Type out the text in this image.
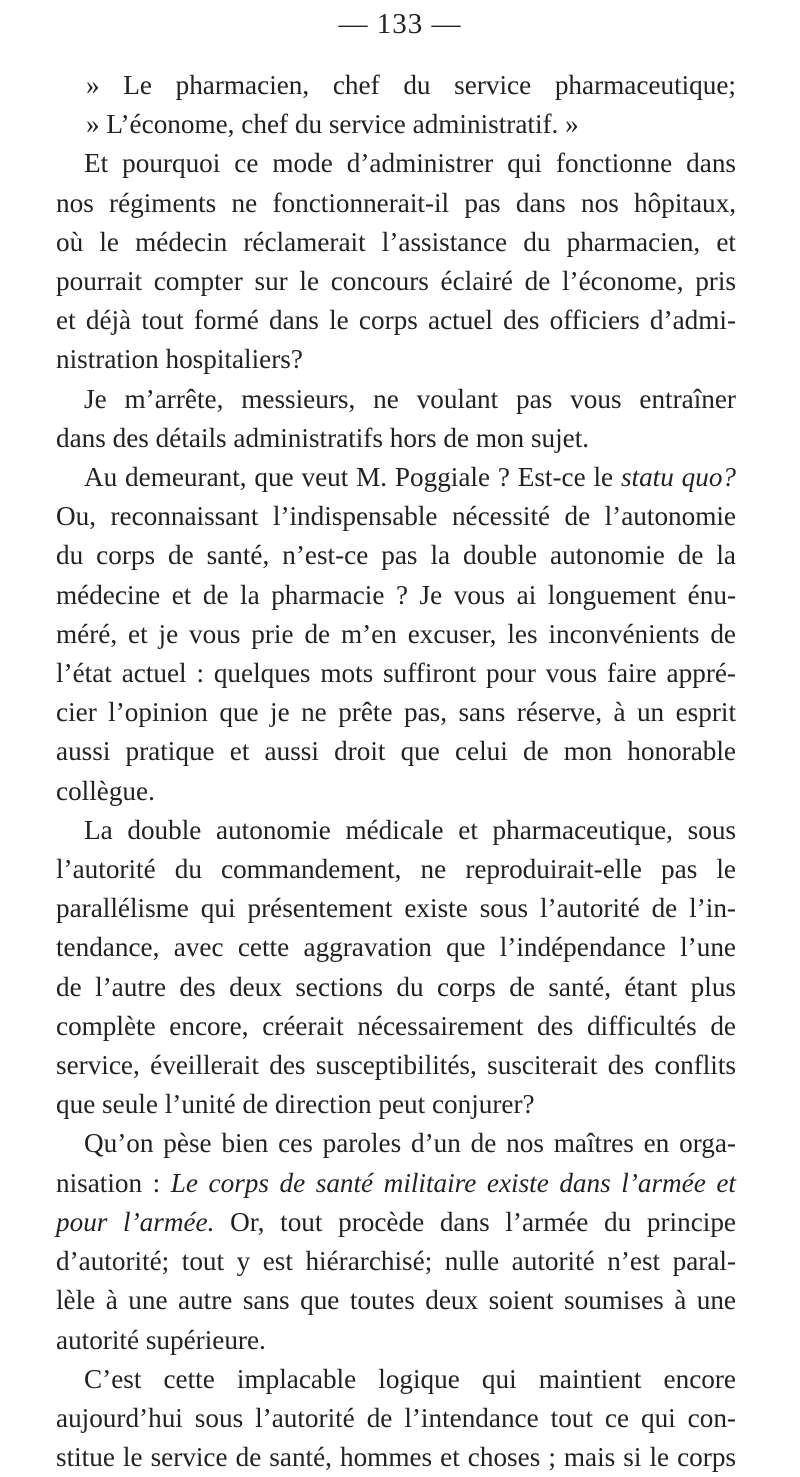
— 133 —
» Le pharmacien, chef du service pharmaceutique;
» L’économe, chef du service administratif. »
Et pourquoi ce mode d’administrer qui fonctionne dans
nos régiments ne fonctionnerait-il pas dans nos hôpitaux,
où le médecin réclamerait l’assistance du pharmacien, et
pourrait compter sur le concours éclairé de l’économe, pris
et déjà tout formé dans le corps actuel des officiers d’admi-
nistration hospitaliers?
Je m’arrête, messieurs, ne voulant pas vous entraîner
dans des détails administratifs hors de mon sujet.
Au demeurant, que veut M. Poggiale ? Est-ce le statu quo?
Ou, reconnaissant l’indispensable nécessité de l’autonomie
du corps de santé, n’est-ce pas la double autonomie de la
médecine et de la pharmacie ? Je vous ai longuement énu-
méré, et je vous prie de m’en excuser, les inconvénients de
l’état actuel : quelques mots suffiront pour vous faire appré-
cier l’opinion que je ne prête pas, sans réserve, à un esprit
aussi pratique et aussi droit que celui de mon honorable
collègue.
La double autonomie médicale et pharmaceutique, sous
l’autorité du commandement, ne reproduirait-elle pas le
parallélisme qui présentement existe sous l’autorité de l’in-
tendance, avec cette aggravation que l’indépendance l’une
de l’autre des deux sections du corps de santé, étant plus
complète encore, créerait nécessairement des difficultés de
service, éveillerait des susceptibilités, susciterait des conflits
que seule l’unité de direction peut conjurer?
Qu’on pèse bien ces paroles d’un de nos maîtres en orga-
nisation : Le corps de santé militaire existe dans l’armée et
pour l’armée. Or, tout procède dans l’armée du principe
d’autorité; tout y est hiérarchisé; nulle autorité n’est paral-
lèle à une autre sans que toutes deux soient soumises à une
autorité supérieure.
C’est cette implacable logique qui maintient encore
aujourd’hui sous l’autorité de l’intendance tout ce qui con-
stitue le service de santé, hommes et choses ; mais si le corps
